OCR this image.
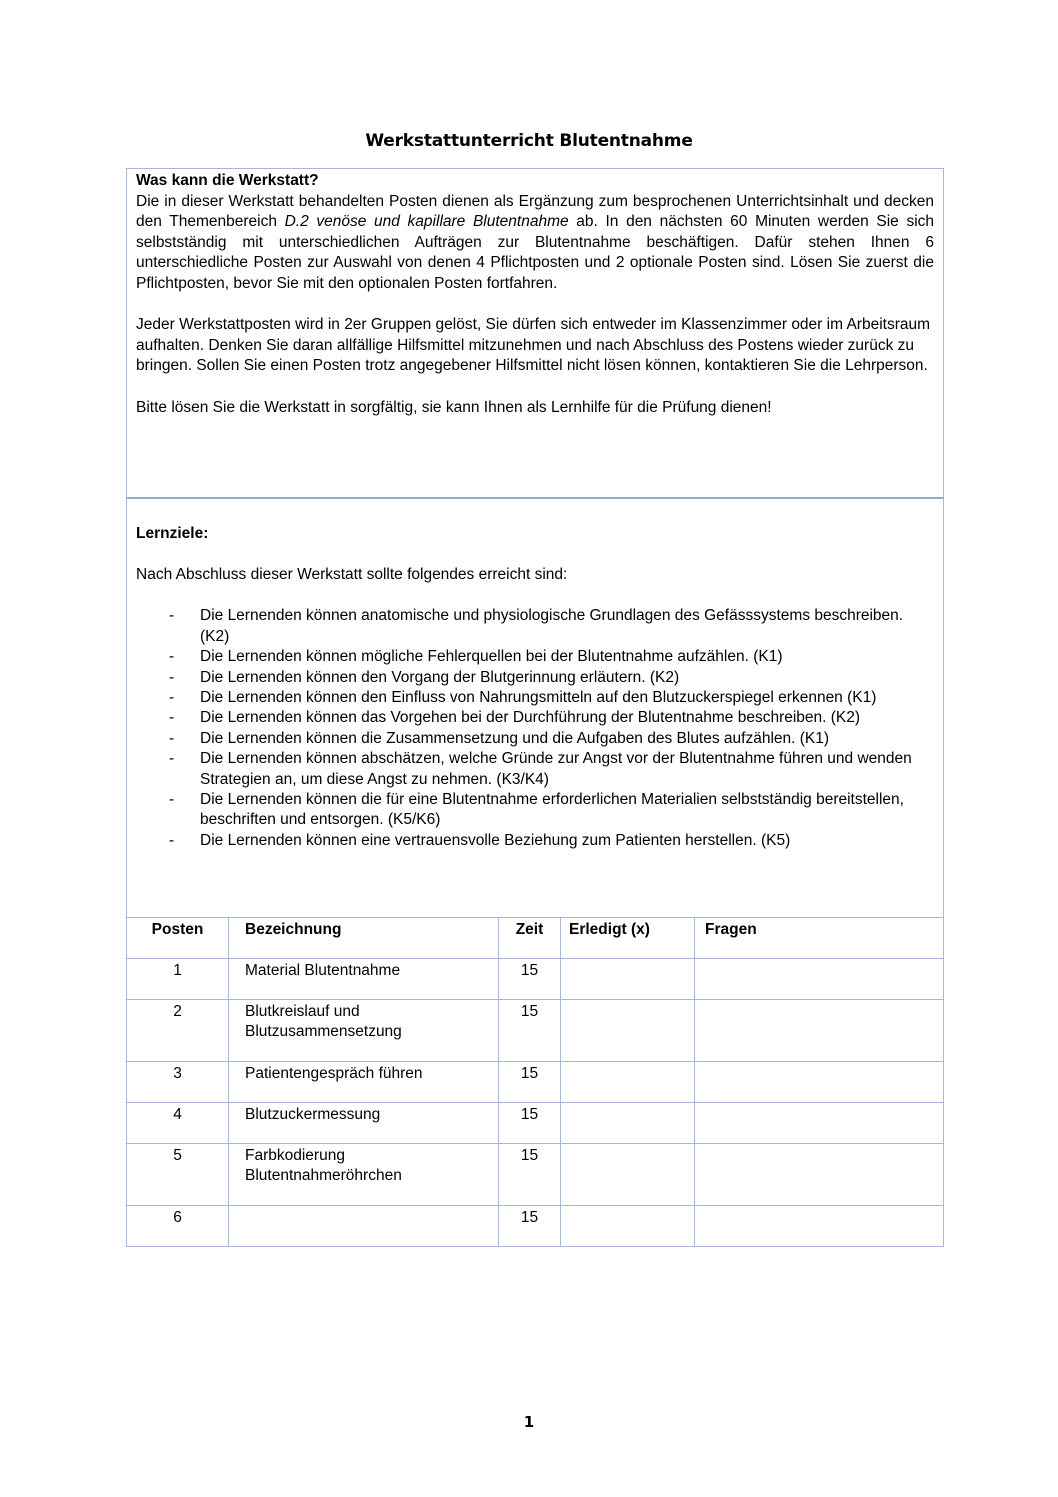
Werkstattunterricht Blutentnahme
Was kann die Werkstatt?

Die in dieser Werkstatt behandelten Posten dienen als Ergänzung zum besprochenen Unterrichtsinhalt und decken den Themenbereich D.2 venöse und kapillare Blutentnahme ab. In den nächsten 60 Minuten werden Sie sich selbstständig mit unterschiedlichen Aufträgen zur Blutentnahme beschäftigen. Dafür stehen Ihnen 6 unterschiedliche Posten zur Auswahl von denen 4 Pflichtposten und 2 optionale Posten sind. Lösen Sie zuerst die Pflichtposten, bevor Sie mit den optionalen Posten fortfahren.

Jeder Werkstattposten wird in 2er Gruppen gelöst, Sie dürfen sich entweder im Klassenzimmer oder im Arbeitsraum aufhalten. Denken Sie daran allfällige Hilfsmittel mitzunehmen und nach Abschluss des Postens wieder zurück zu bringen. Sollen Sie einen Posten trotz angegebener Hilfsmittel nicht lösen können, kontaktieren Sie die Lehrperson.

Bitte lösen Sie die Werkstatt in sorgfältig, sie kann Ihnen als Lernhilfe für die Prüfung dienen!

Lernziele:

Nach Abschluss dieser Werkstatt sollte folgendes erreicht sind:

- Die Lernenden können anatomische und physiologische Grundlagen des Gefässsystems beschreiben. (K2)
- Die Lernenden können mögliche Fehlerquellen bei der Blutentnahme aufzählen. (K1)
- Die Lernenden können den Vorgang der Blutgerinnung erläutern. (K2)
- Die Lernenden können den Einfluss von Nahrungsmitteln auf den Blutzuckerspiegel erkennen (K1)
- Die Lernenden können das Vorgehen bei der Durchführung der Blutentnahme beschreiben. (K2)
- Die Lernenden können die Zusammensetzung und die Aufgaben des Blutes aufzählen. (K1)
- Die Lernenden können abschätzen, welche Gründe zur Angst vor der Blutentnahme führen und wenden Strategien an, um diese Angst zu nehmen. (K3/K4)
- Die Lernenden können die für eine Blutentnahme erforderlichen Materialien selbstständig bereitstellen, beschriften und entsorgen. (K5/K6)
- Die Lernenden können eine vertrauensvolle Beziehung zum Patienten herstellen. (K5)
Posten	Bezeichnung	Zeit	Erledigt (x)	Fragen
1	Material Blutentnahme	15		
2	Blutkreislauf und Blutzusammensetzung	15		
3	Patientengespräch führen	15		
4	Blutzuckermessung	15		
5	Farbkodierung Blutentnahmeröhrchen	15		
6		15		
1
